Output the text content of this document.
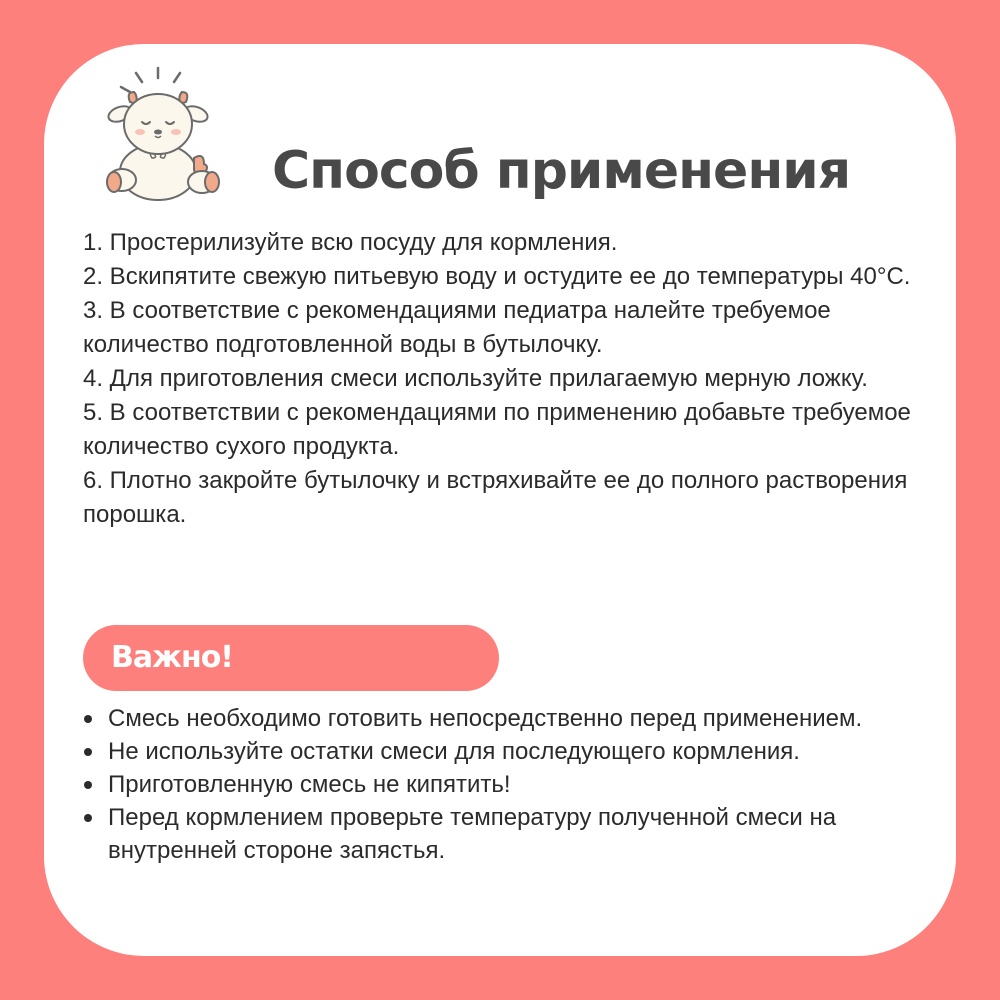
Способ применения
1. Простерилизуйте всю посуду для кормления.
2. Вскипятите свежую питьевую воду и остудите ее до температуры 40°C.
3. В соответствие с рекомендациями педиатра налейте требуемое количество подготовленной воды в бутылочку.
4. Для приготовления смеси используйте прилагаемую мерную ложку.
5. В соответствии с рекомендациями по применению добавьте требуемое количество сухого продукта.
6. Плотно закройте бутылочку и встряхивайте ее до полного растворения порошка.
Важно!
Смесь необходимо готовить непосредственно перед применением.
Не используйте остатки смеси для последующего кормления.
Приготовленную смесь не кипятить!
Перед кормлением проверьте температуру полученной смеси на внутренней стороне запястья.
